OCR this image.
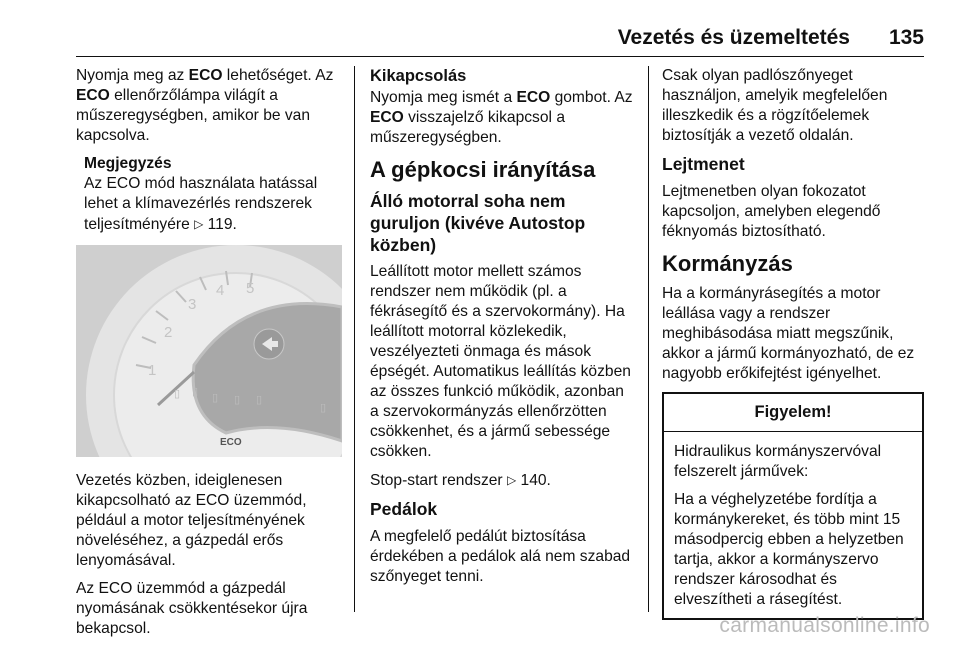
Vezetés és üzemeltetés 135

Nyomja meg az ECO lehetőséget. Az ECO ellenőrzőlámpa világít a műszeregységben, amikor be van kapcsolva.

Megjegyzés
Az ECO mód használata hatással lehet a klímavezérlés rendszerek teljesítményére ▷ 119.
1
2
3
4 5
▯ ▯ ▯ ▯ ▯
▯
ECO

Vezetés közben, ideiglenesen kikapcsolható az ECO üzemmód, például a motor teljesítményének növeléséhez, a gázpedál erős lenyomásával.

Az ECO üzemmód a gázpedál nyomásának csökkentésekor újra bekapcsol.

Kikapcsolás

Nyomja meg ismét a ECO gombot. Az ECO visszajelző kikapcsol a műszeregységben.

A gépkocsi irányítása
Álló motorral soha nem guruljon (kivéve Autostop közben)

Leállított motor mellett számos rendszer nem működik (pl. a fékrásegítő és a szervokormány). Ha leállított motorral közlekedik, veszélyezteti önmaga és mások épségét. Automatikus leállítás közben az összes funkció működik, azonban a szervokormányzás ellenőrzötten csökkenhet, és a jármű sebessége csökken.

Stop-start rendszer ▷ 140.

Pedálok

A megfelelő pedálút biztosítása érdekében a pedálok alá nem szabad szőnyeget tenni.

Csak olyan padlószőnyeget használjon, amelyik megfelelően illeszkedik és a rögzítőelemek biztosítják a vezető oldalán.

Lejtmenet

Lejtmenetben olyan fokozatot kapcsoljon, amelyben elegendő féknyomás biztosítható.

Kormányzás

Ha a kormányrásegítés a motor leállása vagy a rendszer meghibásodása miatt megszűnik, akkor a jármű kormányozható, de ez nagyobb erőkifejtést igényelhet.

Figyelem!

Hidraulikus kormányszervóval felszerelt járművek:

Ha a véghelyzetébe fordítja a kormánykereket, és több mint 15 másodpercig ebben a helyzetben tartja, akkor a kormányszervo rendszer károsodhat és elveszítheti a rásegítést.

carmanualsonline.info
